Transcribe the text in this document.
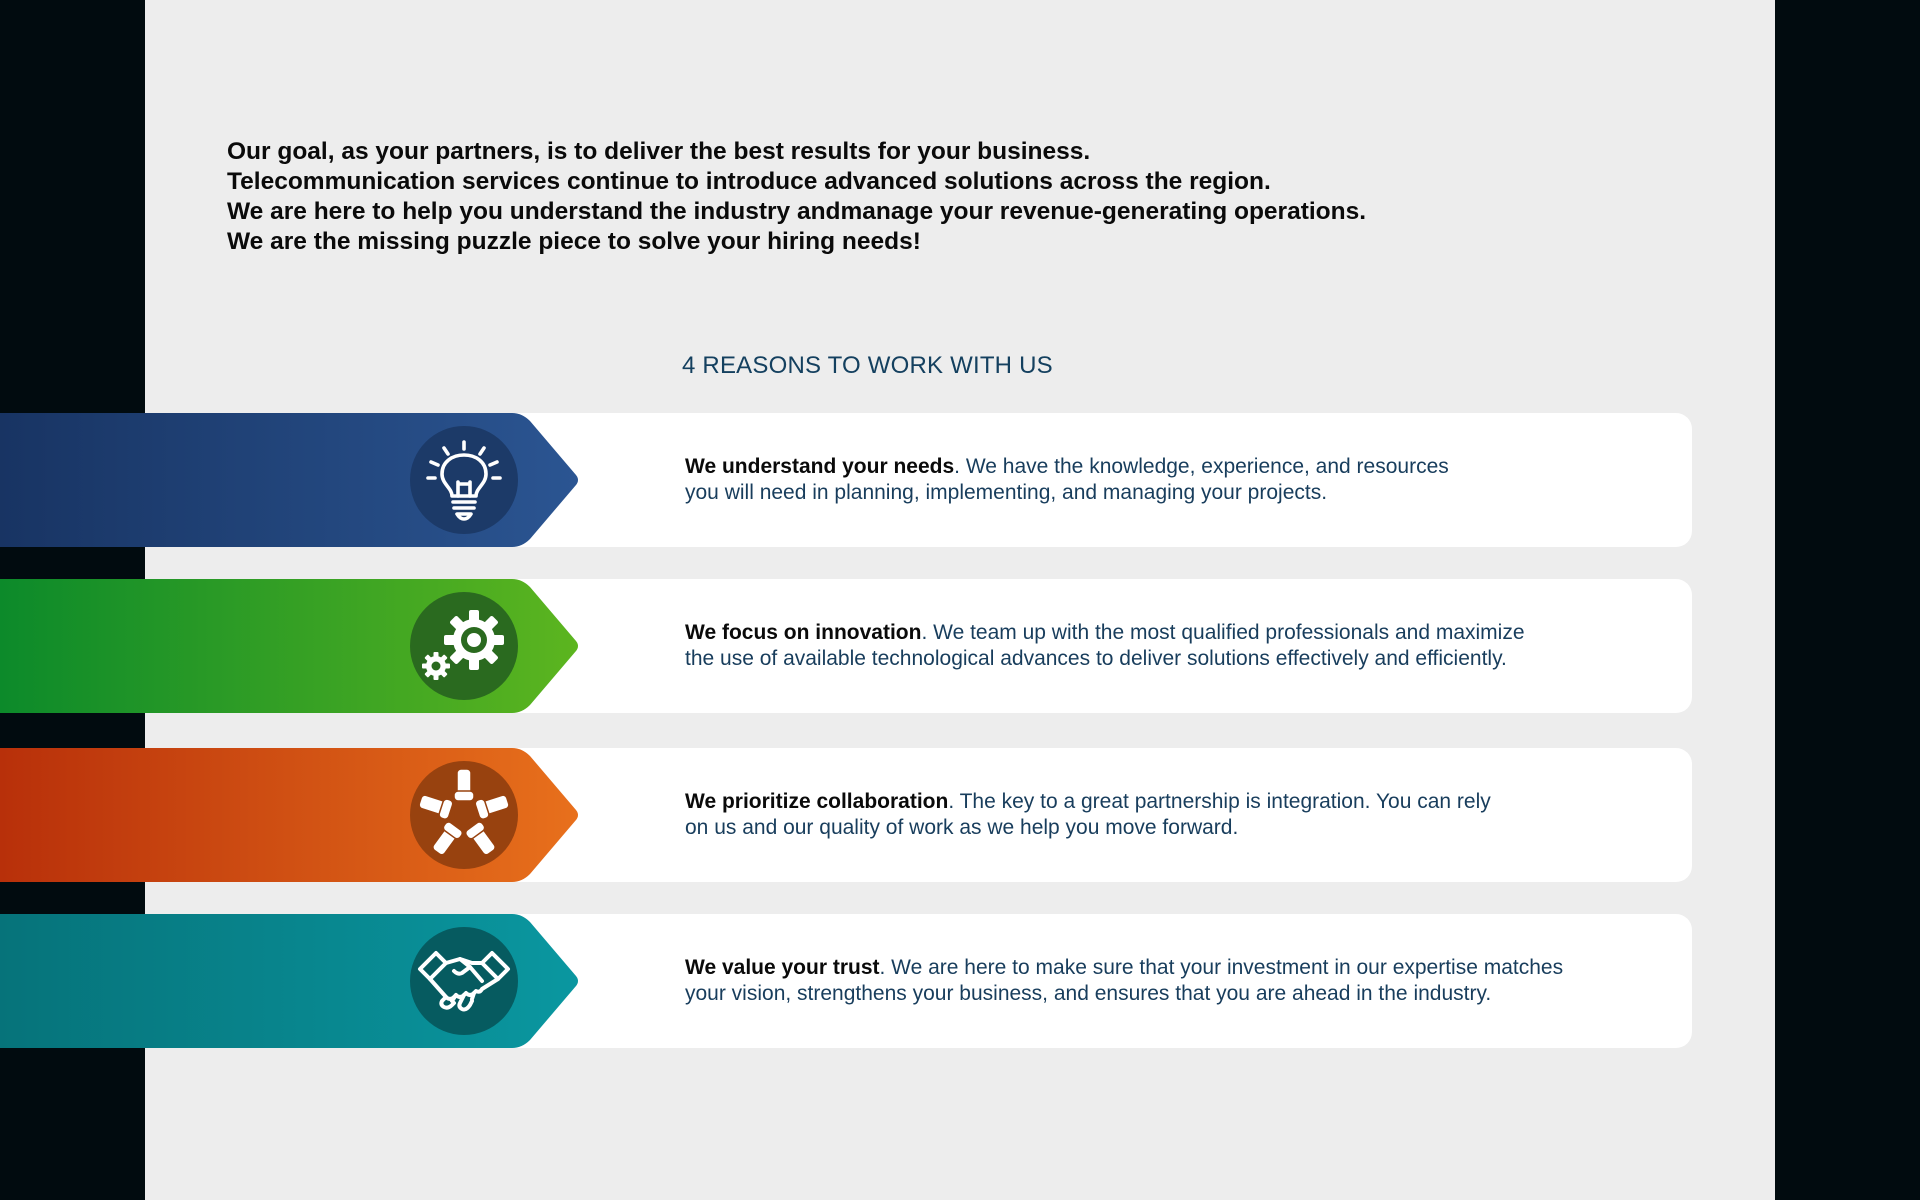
Our goal, as your partners, is to deliver the best results for your business.
Telecommunication services continue to introduce advanced solutions across the region.
We are here to help you understand the industry andmanage your revenue-generating operations.
We are the missing puzzle piece to solve your hiring needs!
4 REASONS TO WORK WITH US
We understand your needs. We have the knowledge, experience, and resources
you will need in planning, implementing, and managing your projects.
We focus on innovation. We team up with the most qualified professionals and maximize
the use of available technological advances to deliver solutions effectively and efficiently.
We prioritize collaboration. The key to a great partnership is integration. You can rely
on us and our quality of work as we help you move forward.
We value your trust. We are here to make sure that your investment in our expertise matches
your vision, strengthens your business, and ensures that you are ahead in the industry.
